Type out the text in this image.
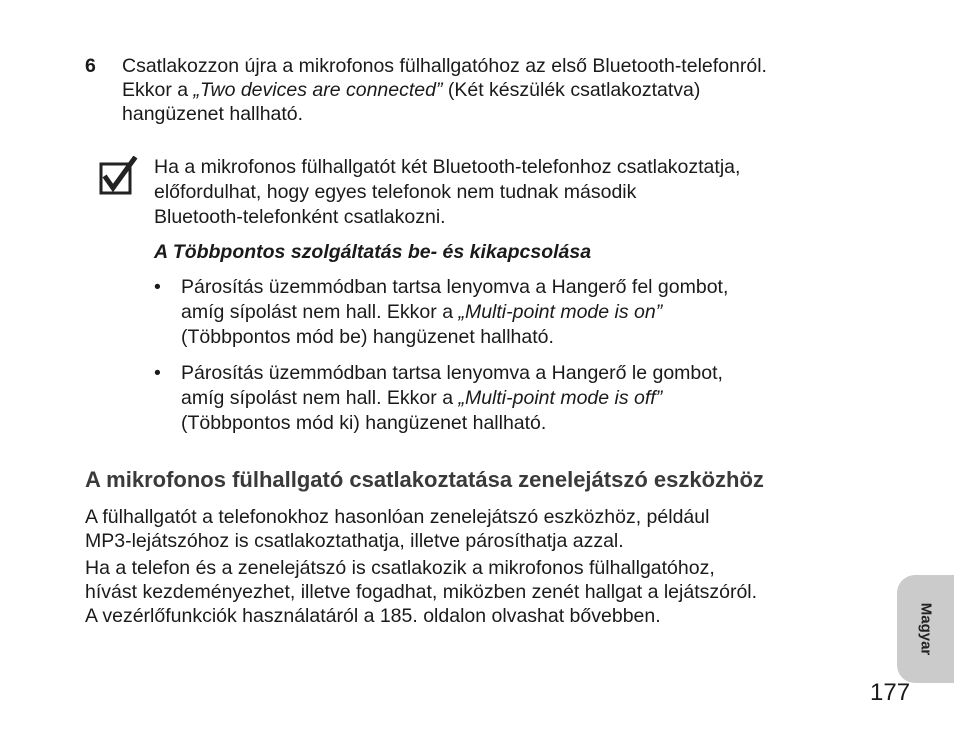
6 Csatlakozzon újra a mikrofonos fülhallgatóhoz az első Bluetooth-telefonról.
Ekkor a „Two devices are connected” (Két készülék csatlakoztatva)
hangüzenet hallható.
Ha a mikrofonos fülhallgatót két Bluetooth-telefonhoz csatlakoztatja,
előfordulhat, hogy egyes telefonok nem tudnak második
Bluetooth-telefonként csatlakozni.
A Többpontos szolgáltatás be- és kikapcsolása
• Párosítás üzemmódban tartsa lenyomva a Hangerő fel gombot,
amíg sípolást nem hall. Ekkor a „Multi-point mode is on”
(Többpontos mód be) hangüzenet hallható.
• Párosítás üzemmódban tartsa lenyomva a Hangerő le gombot,
amíg sípolást nem hall. Ekkor a „Multi-point mode is off”
(Többpontos mód ki) hangüzenet hallható.
A mikrofonos fülhallgató csatlakoztatása zenelejátszó eszközhöz
A fülhallgatót a telefonokhoz hasonlóan zenelejátszó eszközhöz, például
MP3-lejátszóhoz is csatlakoztathatja, illetve párosíthatja azzal.
Ha a telefon és a zenelejátszó is csatlakozik a mikrofonos fülhallgatóhoz,
hívást kezdeményezhet, illetve fogadhat, miközben zenét hallgat a lejátszóról.
A vezérlőfunkciók használatáról a 185. oldalon olvashat bővebben.	Magyar
177
